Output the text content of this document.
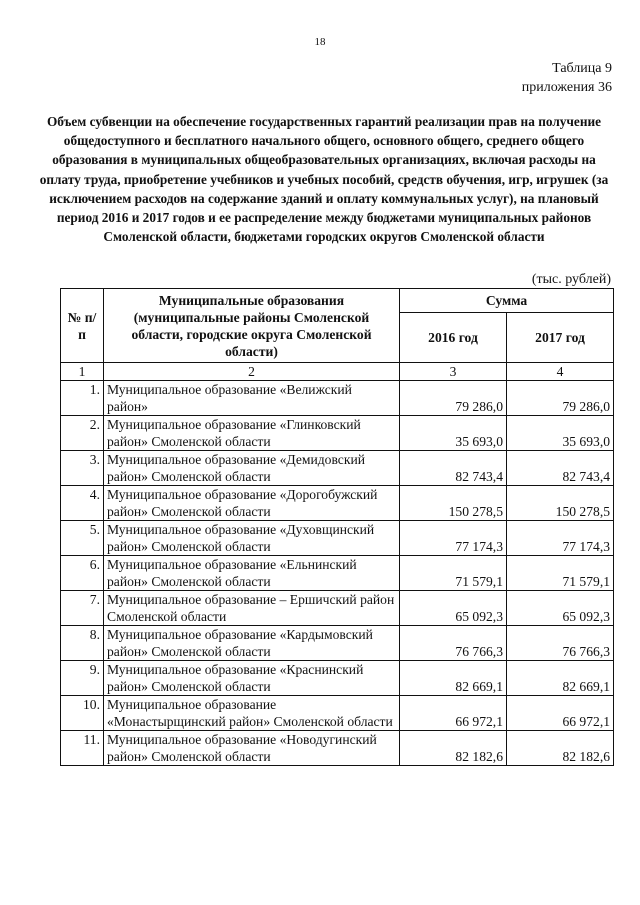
18
Таблица 9
приложения 36

Объем субвенции на обеспечение государственных гарантий реализации прав на получение общедоступного и бесплатного начального общего, основного общего, среднего общего образования в муниципальных общеобразовательных организациях, включая расходы на оплату труда, приобретение учебников и учебных пособий, средств обучения, игр, игрушек (за исключением расходов на содержание зданий и оплату коммунальных услуг), на плановый период 2016 и 2017 годов и ее распределение между бюджетами муниципальных районов Смоленской области, бюджетами городских округов Смоленской области

(тыс. рублей)
№ п/п	Муниципальные образования (муниципальные районы Смоленской области, городские округа Смоленской области)	Сумма	
		2016 год	2017 год
1	2	3	4
1.	Муниципальное образование «Велижский район»	79 286,0	79 286,0
2.	Муниципальное образование «Глинковский район» Смоленской области	35 693,0	35 693,0
3.	Муниципальное образование «Демидовский район» Смоленской области	82 743,4	82 743,4
4.	Муниципальное образование «Дорогобужский район» Смоленской области	150 278,5	150 278,5
5.	Муниципальное образование «Духовщинский район» Смоленской области	77 174,3	77 174,3
6.	Муниципальное образование «Ельнинский район» Смоленской области	71 579,1	71 579,1
7.	Муниципальное образование – Ершичский район Смоленской области	65 092,3	65 092,3
8.	Муниципальное образование «Кардымовский район» Смоленской области	76 766,3	76 766,3
9.	Муниципальное образование «Краснинский район» Смоленской области	82 669,1	82 669,1
10.	Муниципальное образование «Монастырщинский район» Смоленской области	66 972,1	66 972,1
11.	Муниципальное образование «Новодугинский район» Смоленской области	82 182,6	82 182,6
